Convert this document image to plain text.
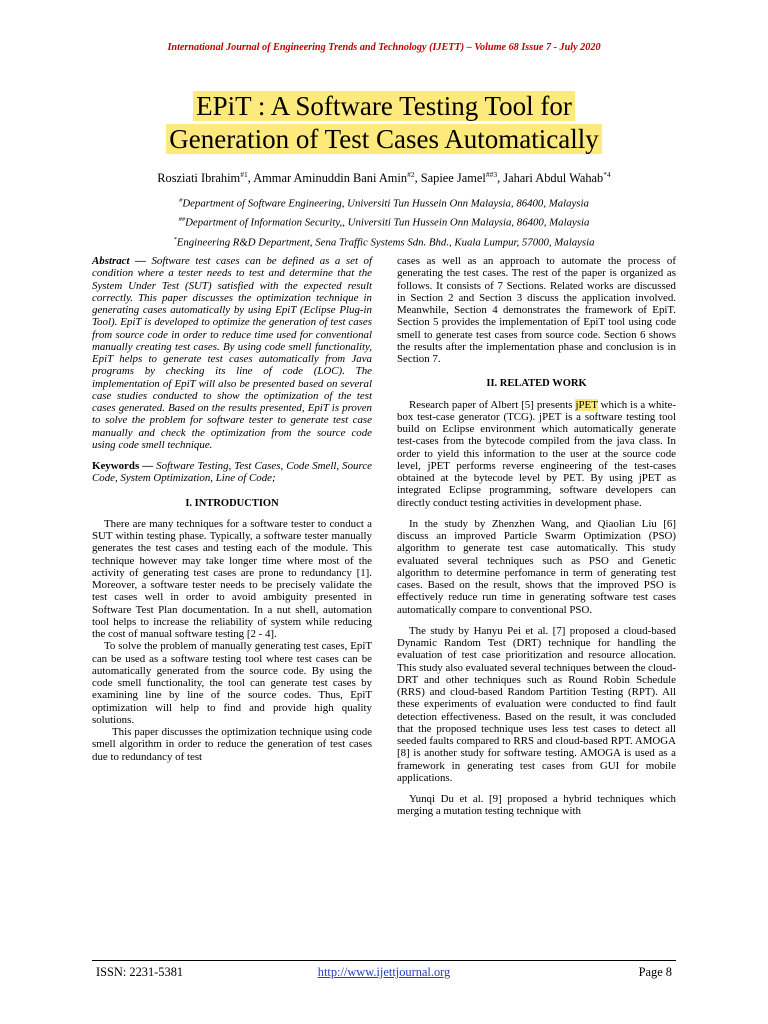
International Journal of Engineering Trends and Technology (IJETT) – Volume 68 Issue 7 - July 2020
EPiT : A Software Testing Tool for
Generation of Test Cases Automatically
Rosziati Ibrahim$^{\#1}$, Ammar Aminuddin Bani Amin$^{\#2}$, Sapiee Jamel$^{\#\#3}$, Jahari Abdul Wahab$^{*4}$
#Department of Software Engineering, Universiti Tun Hussein Onn Malaysia, 86400, Malaysia
##Department of Information Security,, Universiti Tun Hussein Onn Malaysia, 86400, Malaysia
*Engineering R&D Department, Sena Traffic Systems Sdn. Bhd., Kuala Lumpur, 57000, Malaysia

Abstract — Software test cases can be defined as a set of condition where a tester needs to test and determine that the System Under Test (SUT) satisfied with the expected result correctly. This paper discusses the optimization technique in generating cases automatically by using EpiT (Eclipse Plug-in Tool). EpiT is developed to optimize the generation of test cases from source code in order to reduce time used for conventional manually creating test cases. By using code smell functionality, EpiT helps to generate test cases automatically from Java programs by checking its line of code (LOC). The implementation of EpiT will also be presented based on several case studies conducted to show the optimization of the test cases generated. Based on the results presented, EpiT is proven to solve the problem for software tester to generate test case manually and check the optimization from the source code using code smell technique.

Keywords — Software Testing, Test Cases, Code Smell, Source Code, System Optimization, Line of Code;

I. INTRODUCTION

There are many techniques for a software tester to conduct a SUT within testing phase. Typically, a software tester manually generates the test cases and testing each of the module. This technique however may take longer time where most of the activity of generating test cases are prone to redundancy [1]. Moreover, a software tester needs to be precisely validate the test cases well in order to avoid ambiguity presented in Software Test Plan documentation. In a nut shell, automation tool helps to increase the reliability of system while reducing the cost of manual software testing [2 - 4].

To solve the problem of manually generating test cases, EpiT can be used as a software testing tool where test cases can be automatically generated from the source code. By using the code smell functionality, the tool can generate test cases by examining line by line of the source codes. Thus, EpiT optimization will help to find and provide high quality solutions.

This paper discusses the optimization technique using code smell algorithm in order to reduce the generation of test cases due to redundancy of test

cases as well as an approach to automate the process of generating the test cases. The rest of the paper is organized as follows. It consists of 7 Sections. Related works are discussed in Section 2 and Section 3 discuss the application involved. Meanwhile, Section 4 demonstrates the framework of EpiT. Section 5 provides the implementation of EpiT tool using code smell to generate test cases from source code. Section 6 shows the results after the implementation phase and conclusion is in Section 7.

II. RELATED WORK

Research paper of Albert [5] presents jPET which is a white-box test-case generator (TCG). jPET is a software testing tool build on Eclipse environment which automatically generate test-cases from the bytecode compiled from the java class. In order to yield this information to the user at the source code level, jPET performs reverse engineering of the test-cases obtained at the bytecode level by PET. By using jPET as integrated Eclipse programming, software developers can directly conduct testing activities in development phase.

In the study by Zhenzhen Wang, and Qiaolian Liu [6] discuss an improved Particle Swarm Optimization (PSO) algorithm to generate test case automatically. This study evaluated several techniques such as PSO and Genetic algorithm to determine perfomance in term of generating test cases. Based on the result, shows that the improved PSO is effectively reduce run time in generating software test cases automatically compare to conventional PSO.

The study by Hanyu Pei et al. [7] proposed a cloud-based Dynamic Random Test (DRT) technique for handling the evaluation of test case prioritization and resource allocation. This study also evaluated several techniques between the cloud-DRT and other techniques such as Round Robin Schedule (RRS) and cloud-based Random Partition Testing (RPT). All these experiments of evaluation were conducted to find fault detection effectiveness. Based on the result, it was concluded that the proposed technique uses less test cases to detect all seeded faults compared to RRS and cloud-based RPT. AMOGA [8] is another study for software testing. AMOGA is used as a framework in generating test cases from GUI for mobile applications.

Yunqi Du et al. [9] proposed a hybrid techniques which merging a mutation testing technique with

ISSN: 2231-5381	http://www.ijettjournal.org	Page 8
